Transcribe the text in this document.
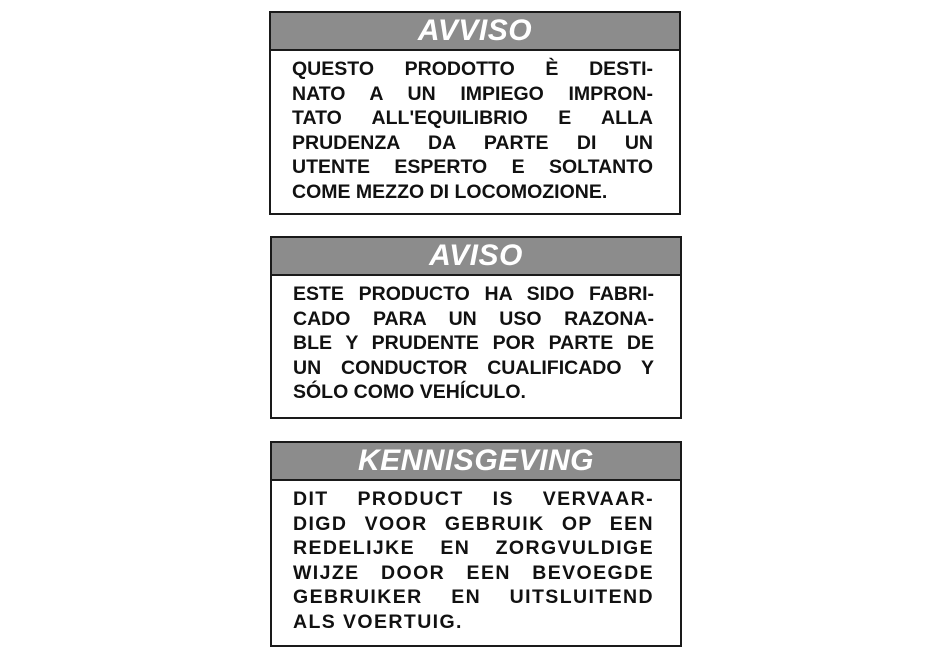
AVVISO
QUESTO PRODOTTO È DESTI-
NATO A UN IMPIEGO IMPRON-
TATO ALL'EQUILIBRIO E ALLA
PRUDENZA DA PARTE DI UN
UTENTE ESPERTO E SOLTANTO
COME MEZZO DI LOCOMOZIONE.
AVISO
ESTE PRODUCTO HA SIDO FABRI-
CADO PARA UN USO RAZONA-
BLE Y PRUDENTE POR PARTE DE
UN CONDUCTOR CUALIFICADO Y
SÓLO COMO VEHÍCULO.
KENNISGEVING
DIT PRODUCT IS VERVAAR-
DIGD VOOR GEBRUIK OP EEN
REDELIJKE EN ZORGVULDIGE
WIJZE DOOR EEN BEVOEGDE
GEBRUIKER EN UITSLUITEND
ALS VOERTUIG.
